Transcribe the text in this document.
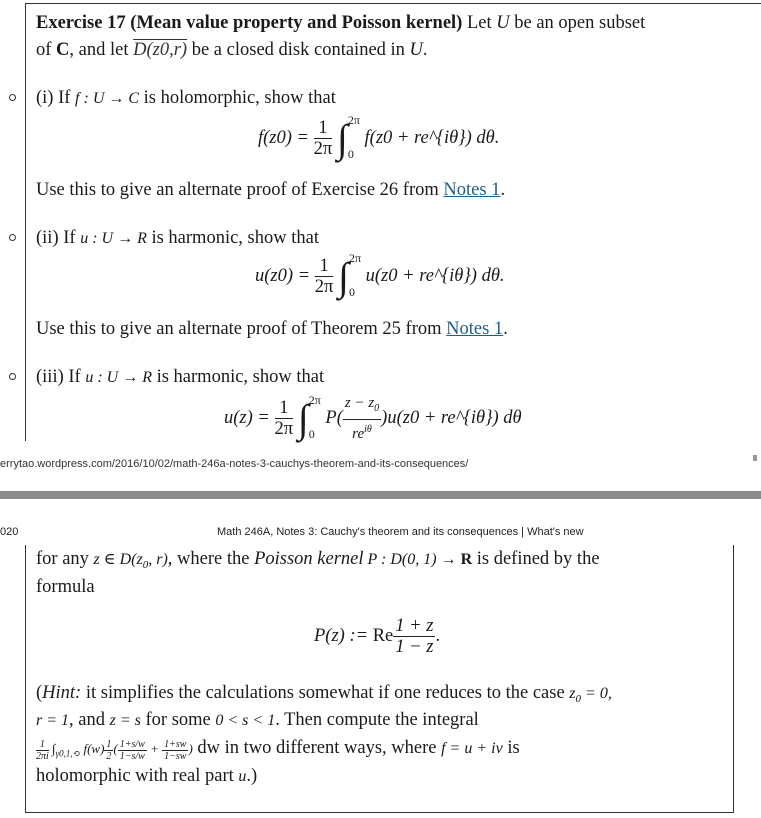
Exercise 17 (Mean value property and Poisson kernel) Let U be an open subset
of C, and let D(z0,r) be a closed disk contained in U.
(i) If f : U → C is holomorphic, show that
$f(z0) = \frac{1}{2\pi}$ ∫ 2π
0
f(z0 + re^{iθ}) dθ.
Use this to give an alternate proof of Exercise 26 from Notes 1.
(ii) If u : U → R is harmonic, show that
$u(z0) = \frac{1}{2\pi}$ ∫ 2π
0
u(z0 + re^{iθ}) dθ.
Use this to give an alternate proof of Theorem 25 from Notes 1.
(iii) If u : U → R is harmonic, show that
$u(z) = \frac{1}{2\pi}$ ∫ 2π
0
$P( \frac{z - z_0}{re^{i\theta}} )u(z0$ + re^{iθ}) dθ
errytao.wordpress.com/2016/10/02/math-246a-notes-3-cauchys-theorem-and-its-consequences/
020	Math 246A, Notes 3: Cauchy's theorem and its consequences | What's new
for any z ∈ $D(z_0$, r), where the Poisson kernel P : D(0, 1) → R is defined by the
formula
P(z) := Re $\frac{1 + z}{1 - z}$ .
(Hint: it simplifies the calculations somewhat if one reduces to the case $z_0 = 0$,
r = 1, and z = s for some 0 < s < 1. Then compute the integral
$\frac{1}{2\pi i} \int_{\gamma 0,1,⟲}$ $f(w) \frac{1}{2}$ ( $\frac{1+s/w}{1-s/w} + \frac{1+sw}{1-sw}$ ) dw in two different ways, where f = u + iv is
holomorphic with real part u.)
